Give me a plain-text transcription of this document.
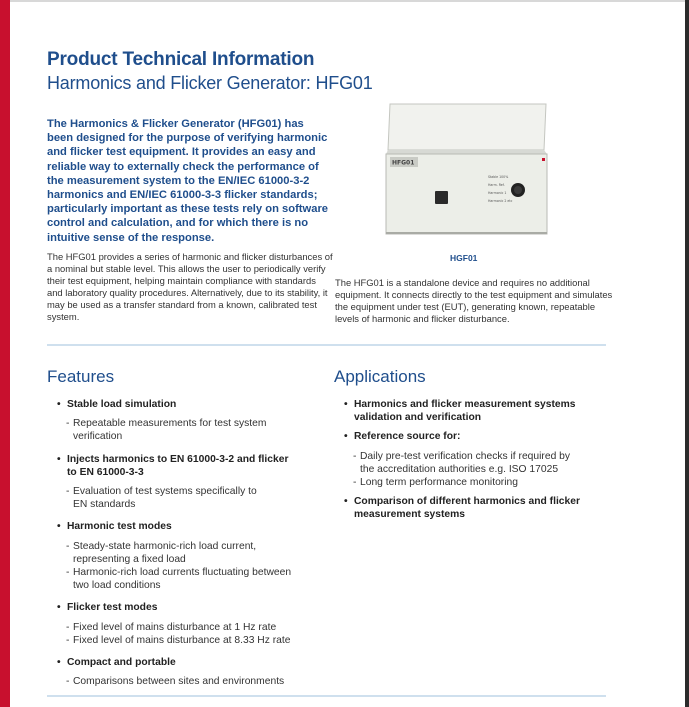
Product Technical Information
Harmonics and Flicker Generator: HFG01
The Harmonics & Flicker Generator (HFG01) has been designed for the purpose of verifying harmonic and flicker test equipment. It provides an easy and reliable way to externally check the performance of the measurement system to the EN/IEC 61000-3-2 harmonics and EN/IEC 61000-3-3 flicker standards; particularly important as these tests rely on software control and calculation, and for which there is no intuitive sense of the response.
The HFG01 provides a series of harmonic and flicker disturbances of a nominal but stable level. This allows the user to periodically verify their test equipment, helping maintain compliance with standards and laboratory quality procedures. Alternatively, due to its stability, it may be used as a transfer standard from a known, calibrated test system.
HFG01
Stable 100%
Harm. Ref.
Harmonic 1
Harmonic 2 etc
HGF01
The HFG01 is a standalone device and requires no additional equipment. It connects directly to the test equipment and simulates the equipment under test (EUT), generating known, repeatable levels of harmonic and flicker disturbance.
Features	Applications
• Stable load simulation
- Repeatable measurements for test system
verification
• Injects harmonics to EN 61000-3-2 and flicker
to EN 61000-3-3
- Evaluation of test systems specifically to
EN standards
• Harmonic test modes
- Steady-state harmonic-rich load current,
representing a fixed load
- Harmonic-rich load currents fluctuating between
two load conditions
• Flicker test modes
- Fixed level of mains disturbance at 1 Hz rate
- Fixed level of mains disturbance at 8.33 Hz rate
• Compact and portable
- Comparisons between sites and environments
• Harmonics and flicker measurement systems
validation and verification
• Reference source for:
- Daily pre-test verification checks if required by
the accreditation authorities e.g. ISO 17025
- Long term performance monitoring
• Comparison of different harmonics and flicker
measurement systems
